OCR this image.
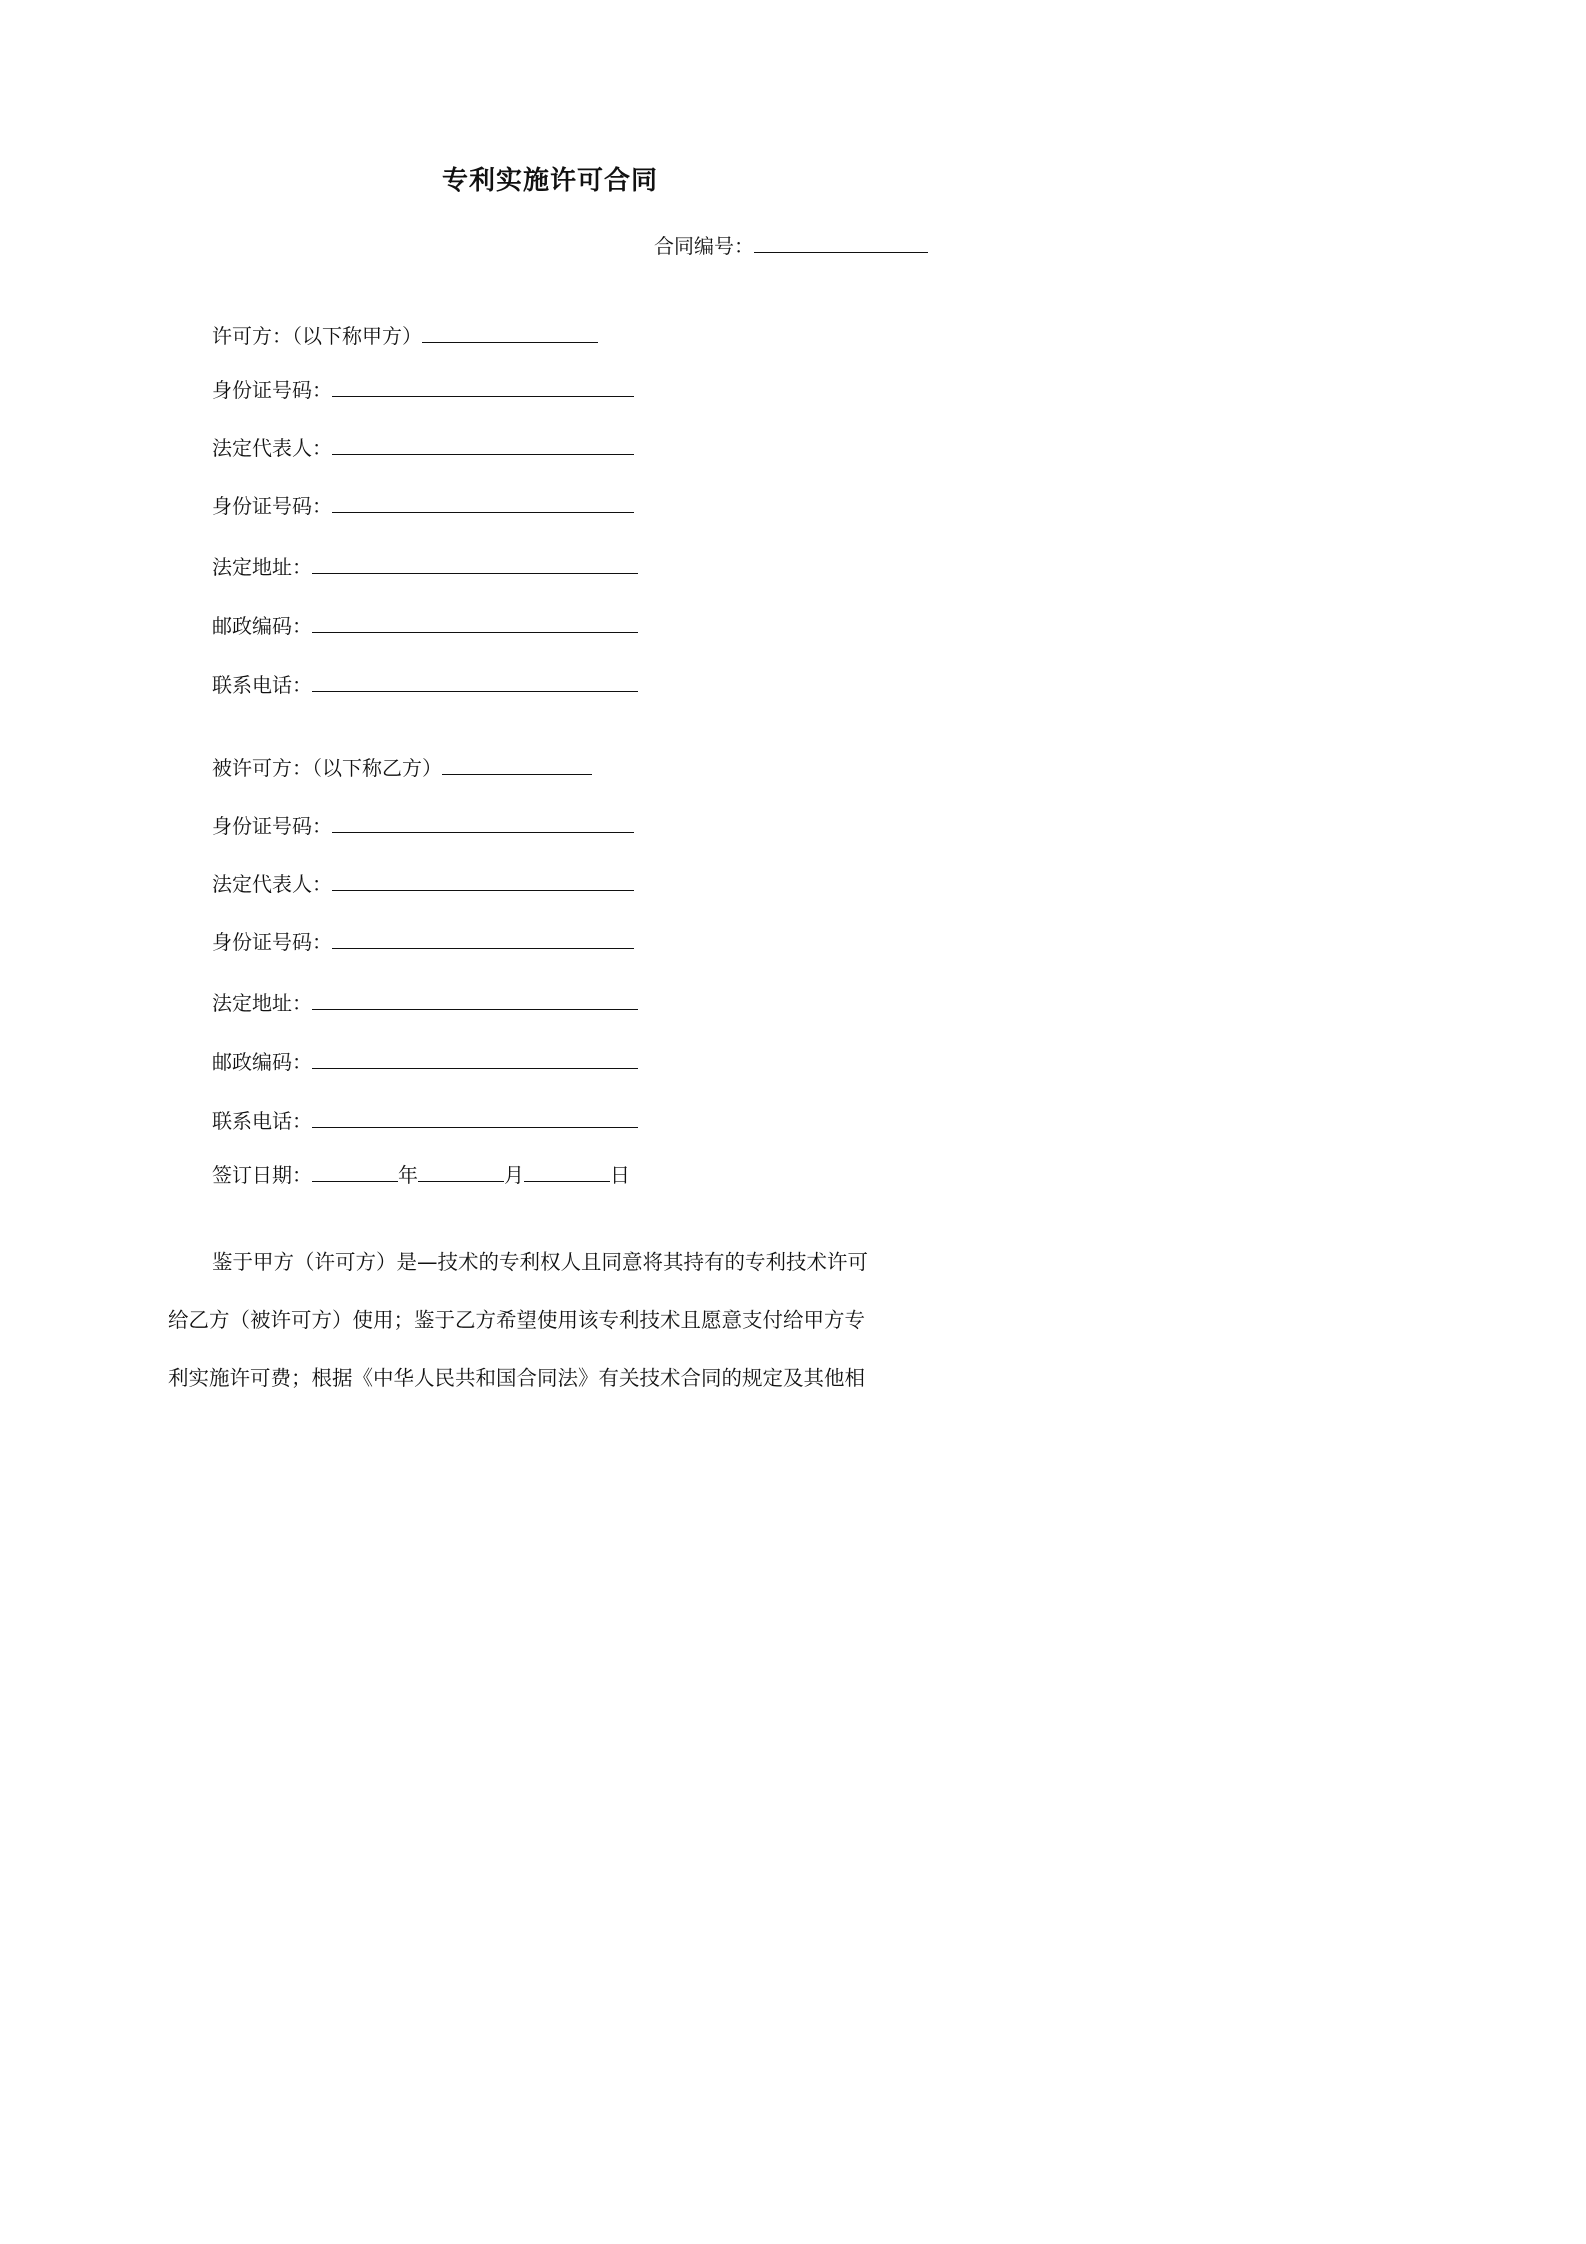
专利实施许可合同
合同编号：
许可方：（以下称甲方）
身份证号码：
法定代表人：
身份证号码：
法定地址：
邮政编码：
联系电话：
被许可方：（以下称乙方）
身份证号码：
法定代表人：
身份证号码：
法定地址：
邮政编码：
联系电话：
签订日期：	年	月	日
鉴于甲方（许可方）是—技术的专利权人且同意将其持有的专利技术许可
给乙方（被许可方）使用；鉴于乙方希望使用该专利技术且愿意支付给甲方专
利实施许可费；根据《中华人民共和国合同法》有关技术合同的规定及其他相
